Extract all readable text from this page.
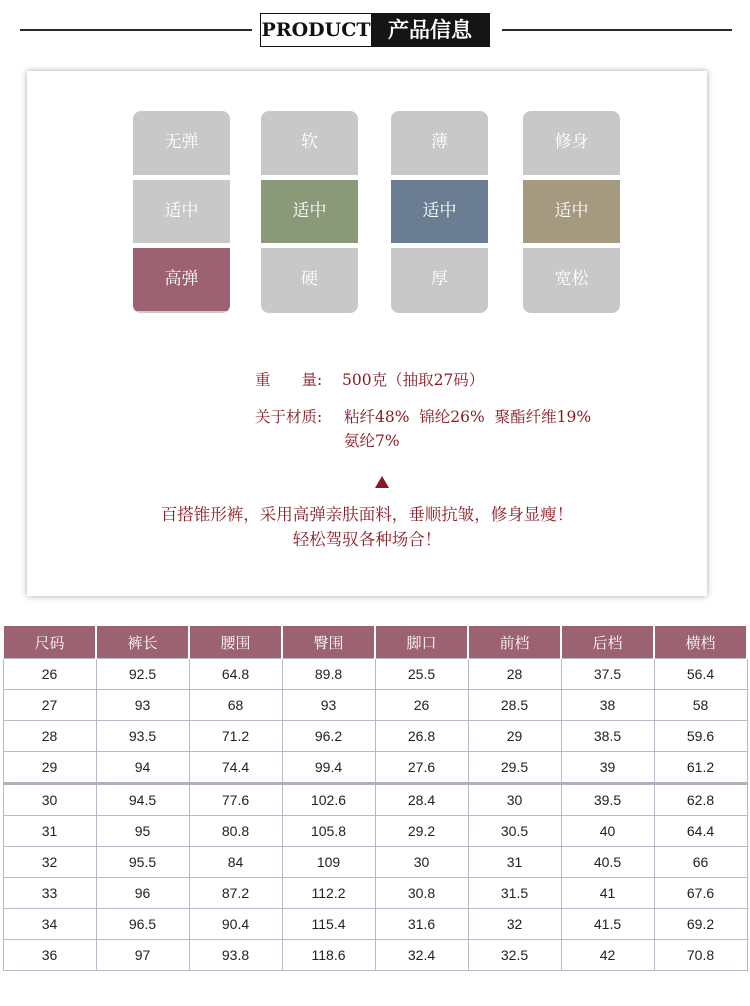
PRODUCT 产品信息
无弹
适中
高弹
软
适中
硬
薄
适中
厚
修身
适中
宽松
重　　量: 500克（抽取27码）
关于材质: 粘纤48%  锦纶26%  聚酯纤维19%
氨纶7%
百搭锥形裤，采用高弹亲肤面料，垂顺抗皱，修身显瘦！
轻松驾驭各种场合！
尺码	裤长	腰围	臀围	脚口	前档	后档	横档
26	92.5	64.8	89.8	25.5	28	37.5	56.4
27	93	68	93	26	28.5	38	58
28	93.5	71.2	96.2	26.8	29	38.5	59.6
29	94	74.4	99.4	27.6	29.5	39	61.2
30	94.5	77.6	102.6	28.4	30	39.5	62.8
31	95	80.8	105.8	29.2	30.5	40	64.4
32	95.5	84	109	30	31	40.5	66
33	96	87.2	112.2	30.8	31.5	41	67.6
34	96.5	90.4	115.4	31.6	32	41.5	69.2
36	97	93.8	118.6	32.4	32.5	42	70.8
